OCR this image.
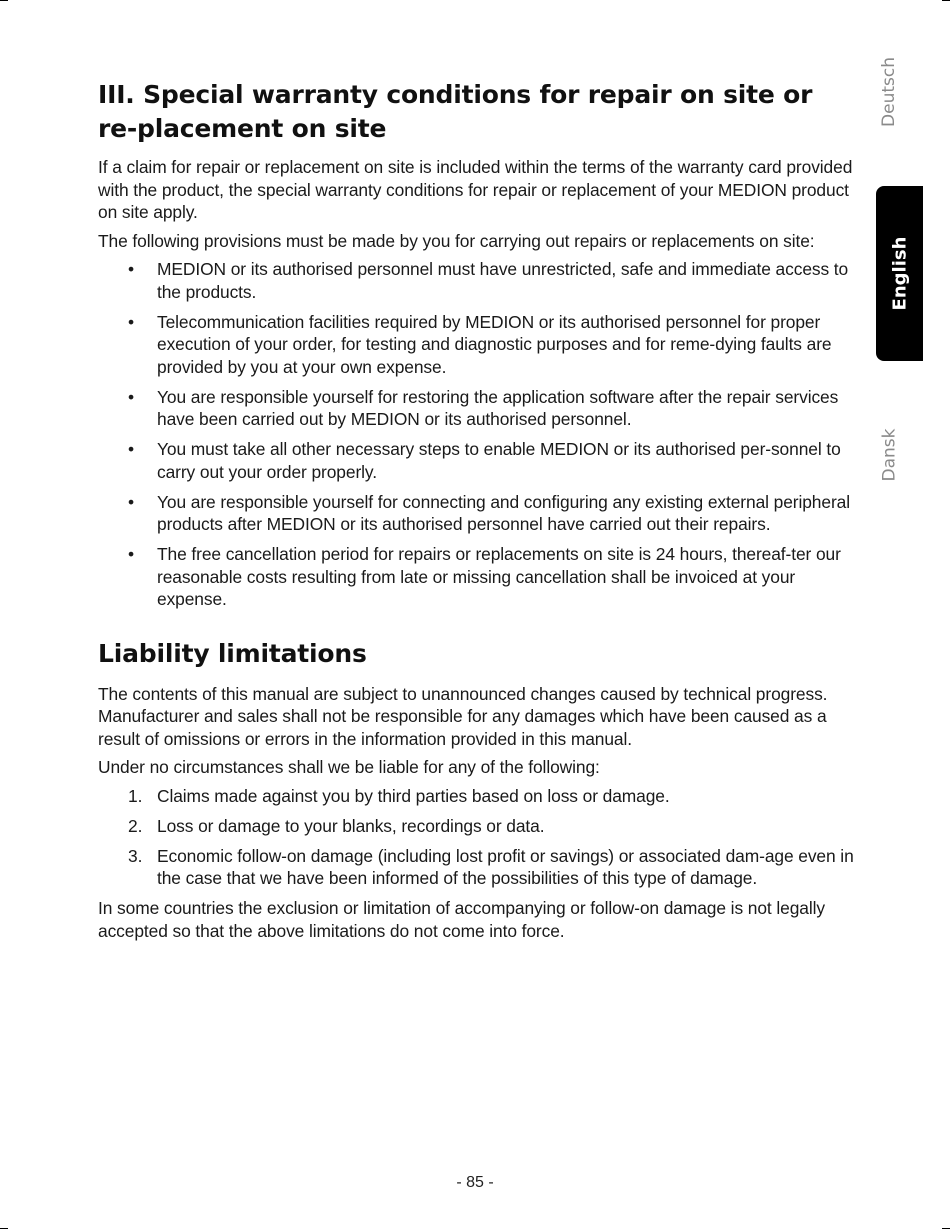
Deutsch
English
Dansk
III. Special warranty conditions for repair on site or re-placement on site

If a claim for repair or replacement on site is included within the terms of the warranty card provided with the product, the special warranty conditions for repair or replacement of your MEDION product on site apply.

The following provisions must be made by you for carrying out repairs or replacements on site:

• MEDION or its authorised personnel must have unrestricted, safe and immediate access to the products.
• Telecommunication facilities required by MEDION or its authorised personnel for proper execution of your order, for testing and diagnostic purposes and for reme-dying faults are provided by you at your own expense.
• You are responsible yourself for restoring the application software after the repair services have been carried out by MEDION or its authorised personnel.
• You must take all other necessary steps to enable MEDION or its authorised per-sonnel to carry out your order properly.
• You are responsible yourself for connecting and configuring any existing external peripheral products after MEDION or its authorised personnel have carried out their repairs.
• The free cancellation period for repairs or replacements on site is 24 hours, thereaf-ter our reasonable costs resulting from late or missing cancellation shall be invoiced at your expense.
Liability limitations

The contents of this manual are subject to unannounced changes caused by technical progress. Manufacturer and sales shall not be responsible for any damages which have been caused as a result of omissions or errors in the information provided in this manual.

Under no circumstances shall we be liable for any of the following:

1. Claims made against you by third parties based on loss or damage.
2. Loss or damage to your blanks, recordings or data.
3. Economic follow-on damage (including lost profit or savings) or associated dam-age even in the case that we have been informed of the possibilities of this type of damage.

In some countries the exclusion or limitation of accompanying or follow-on damage is not legally accepted so that the above limitations do not come into force.

- 85 -
